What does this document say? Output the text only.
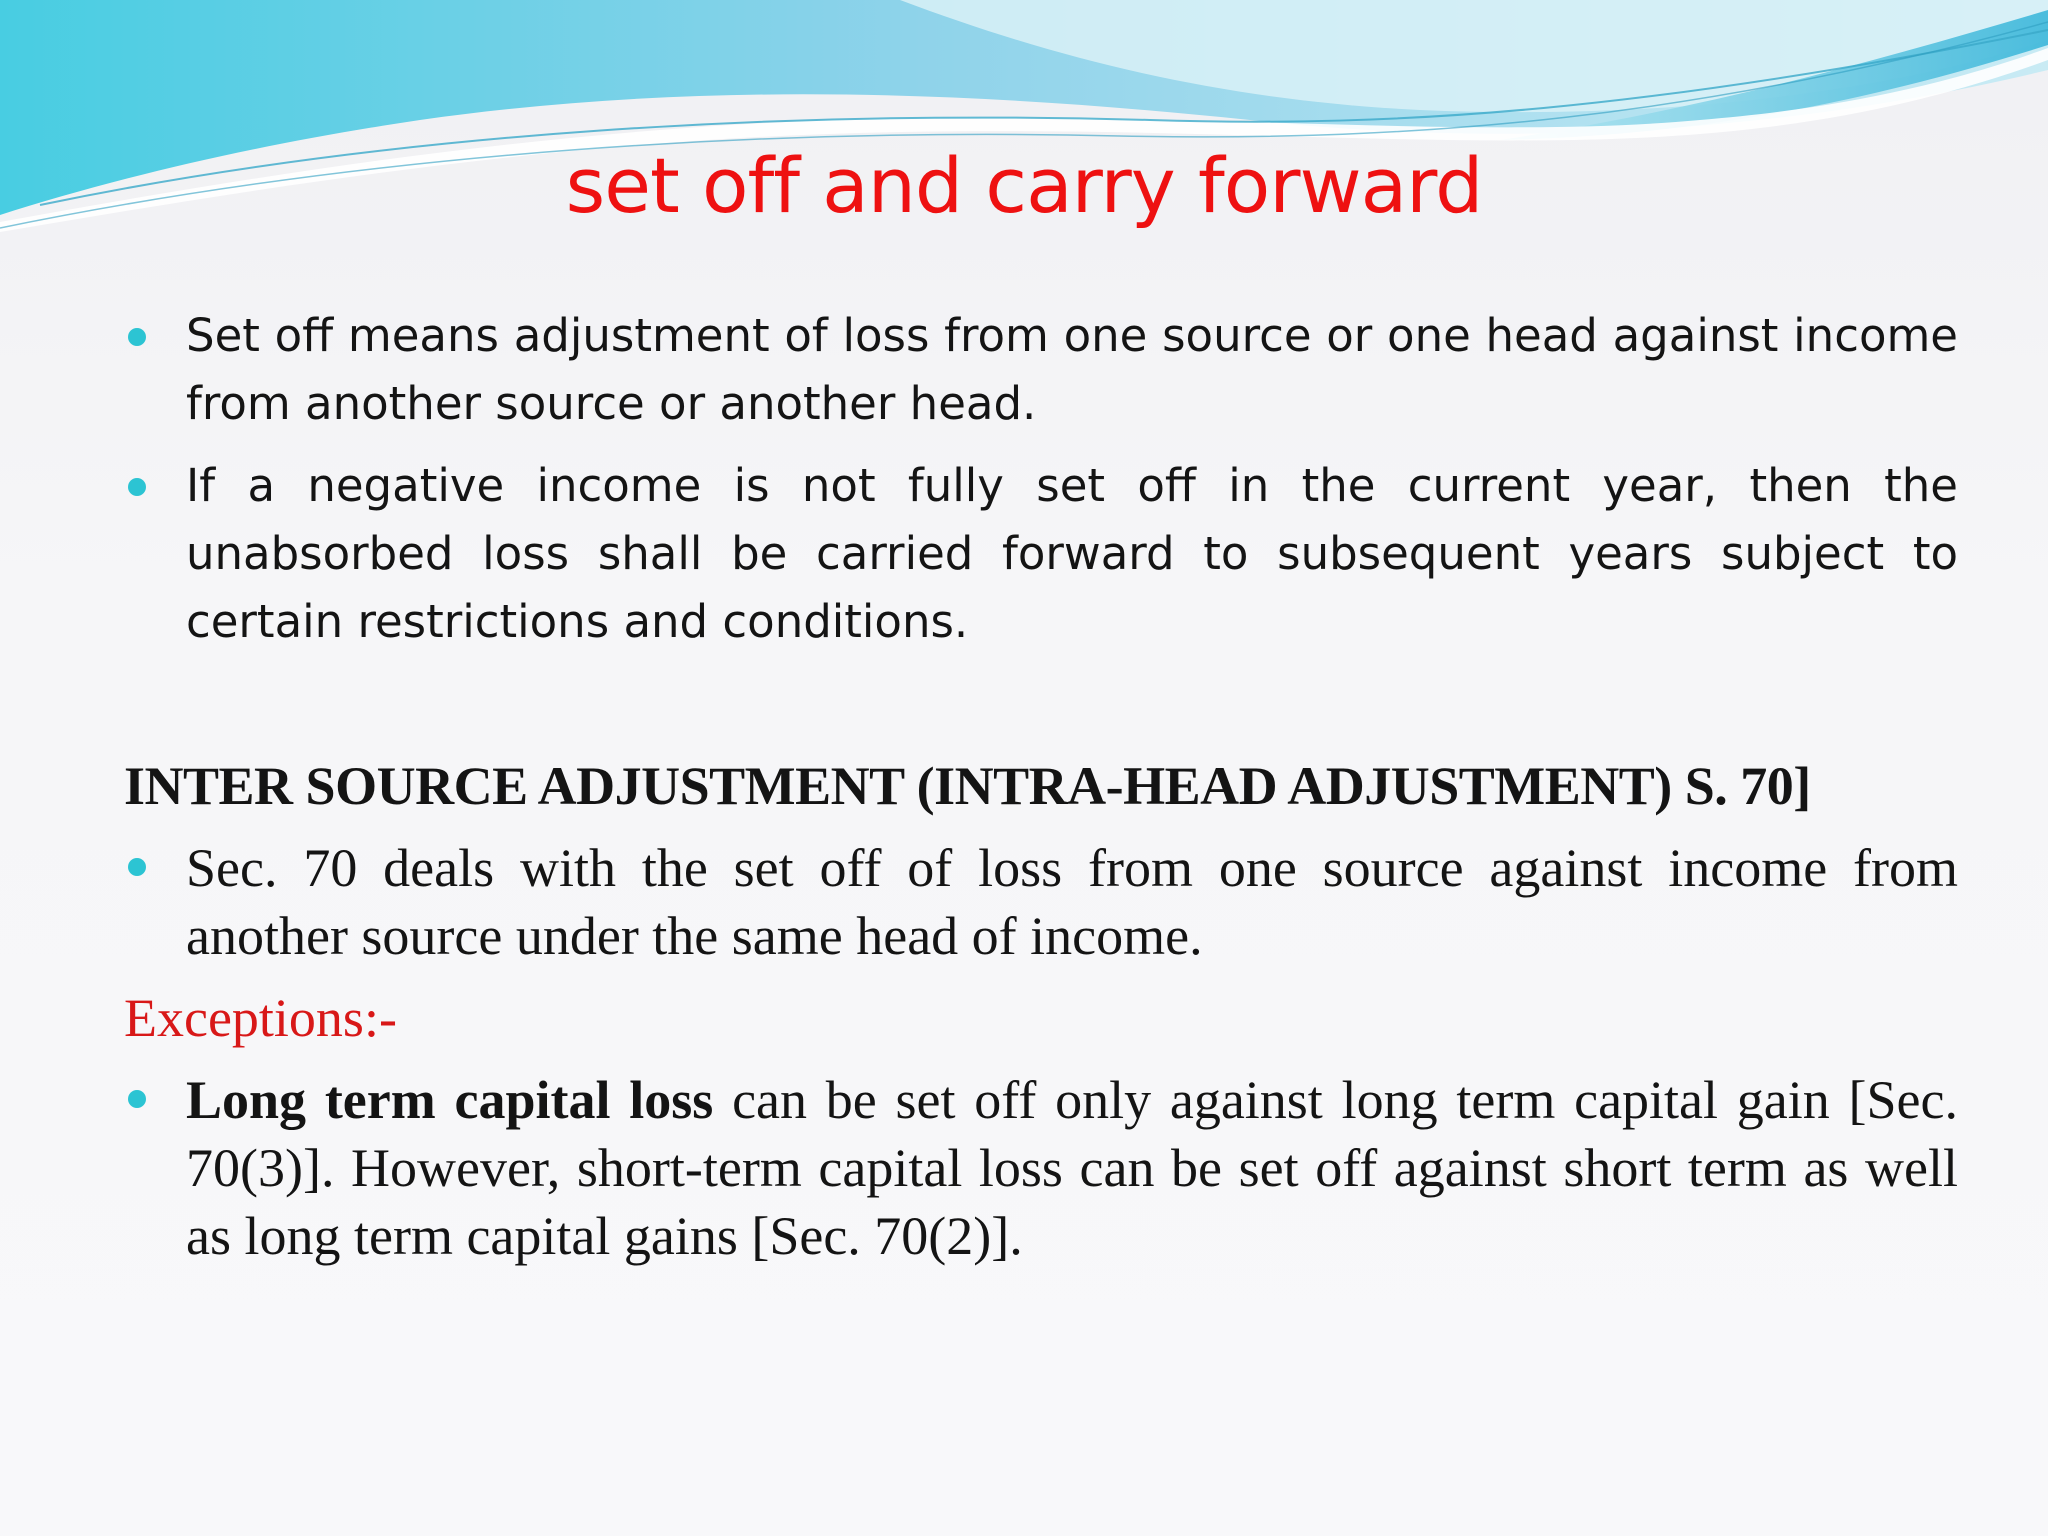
set off and carry forward
Set off means adjustment of loss from one source or one head against income from another source or another head.
If a negative income is not fully set off in the current year, then the unabsorbed loss shall be carried forward to subsequent years subject to certain restrictions and conditions.
INTER SOURCE ADJUSTMENT (INTRA-HEAD ADJUSTMENT) S. 70]
Sec. 70 deals with the set off of loss from one source against income from another source under the same head of income.
Exceptions:-
Long term capital loss can be set off only against long term capital gain [Sec. 70(3)]. However, short-term capital loss can be set off against short term as well as long term capital gains [Sec. 70(2)].
